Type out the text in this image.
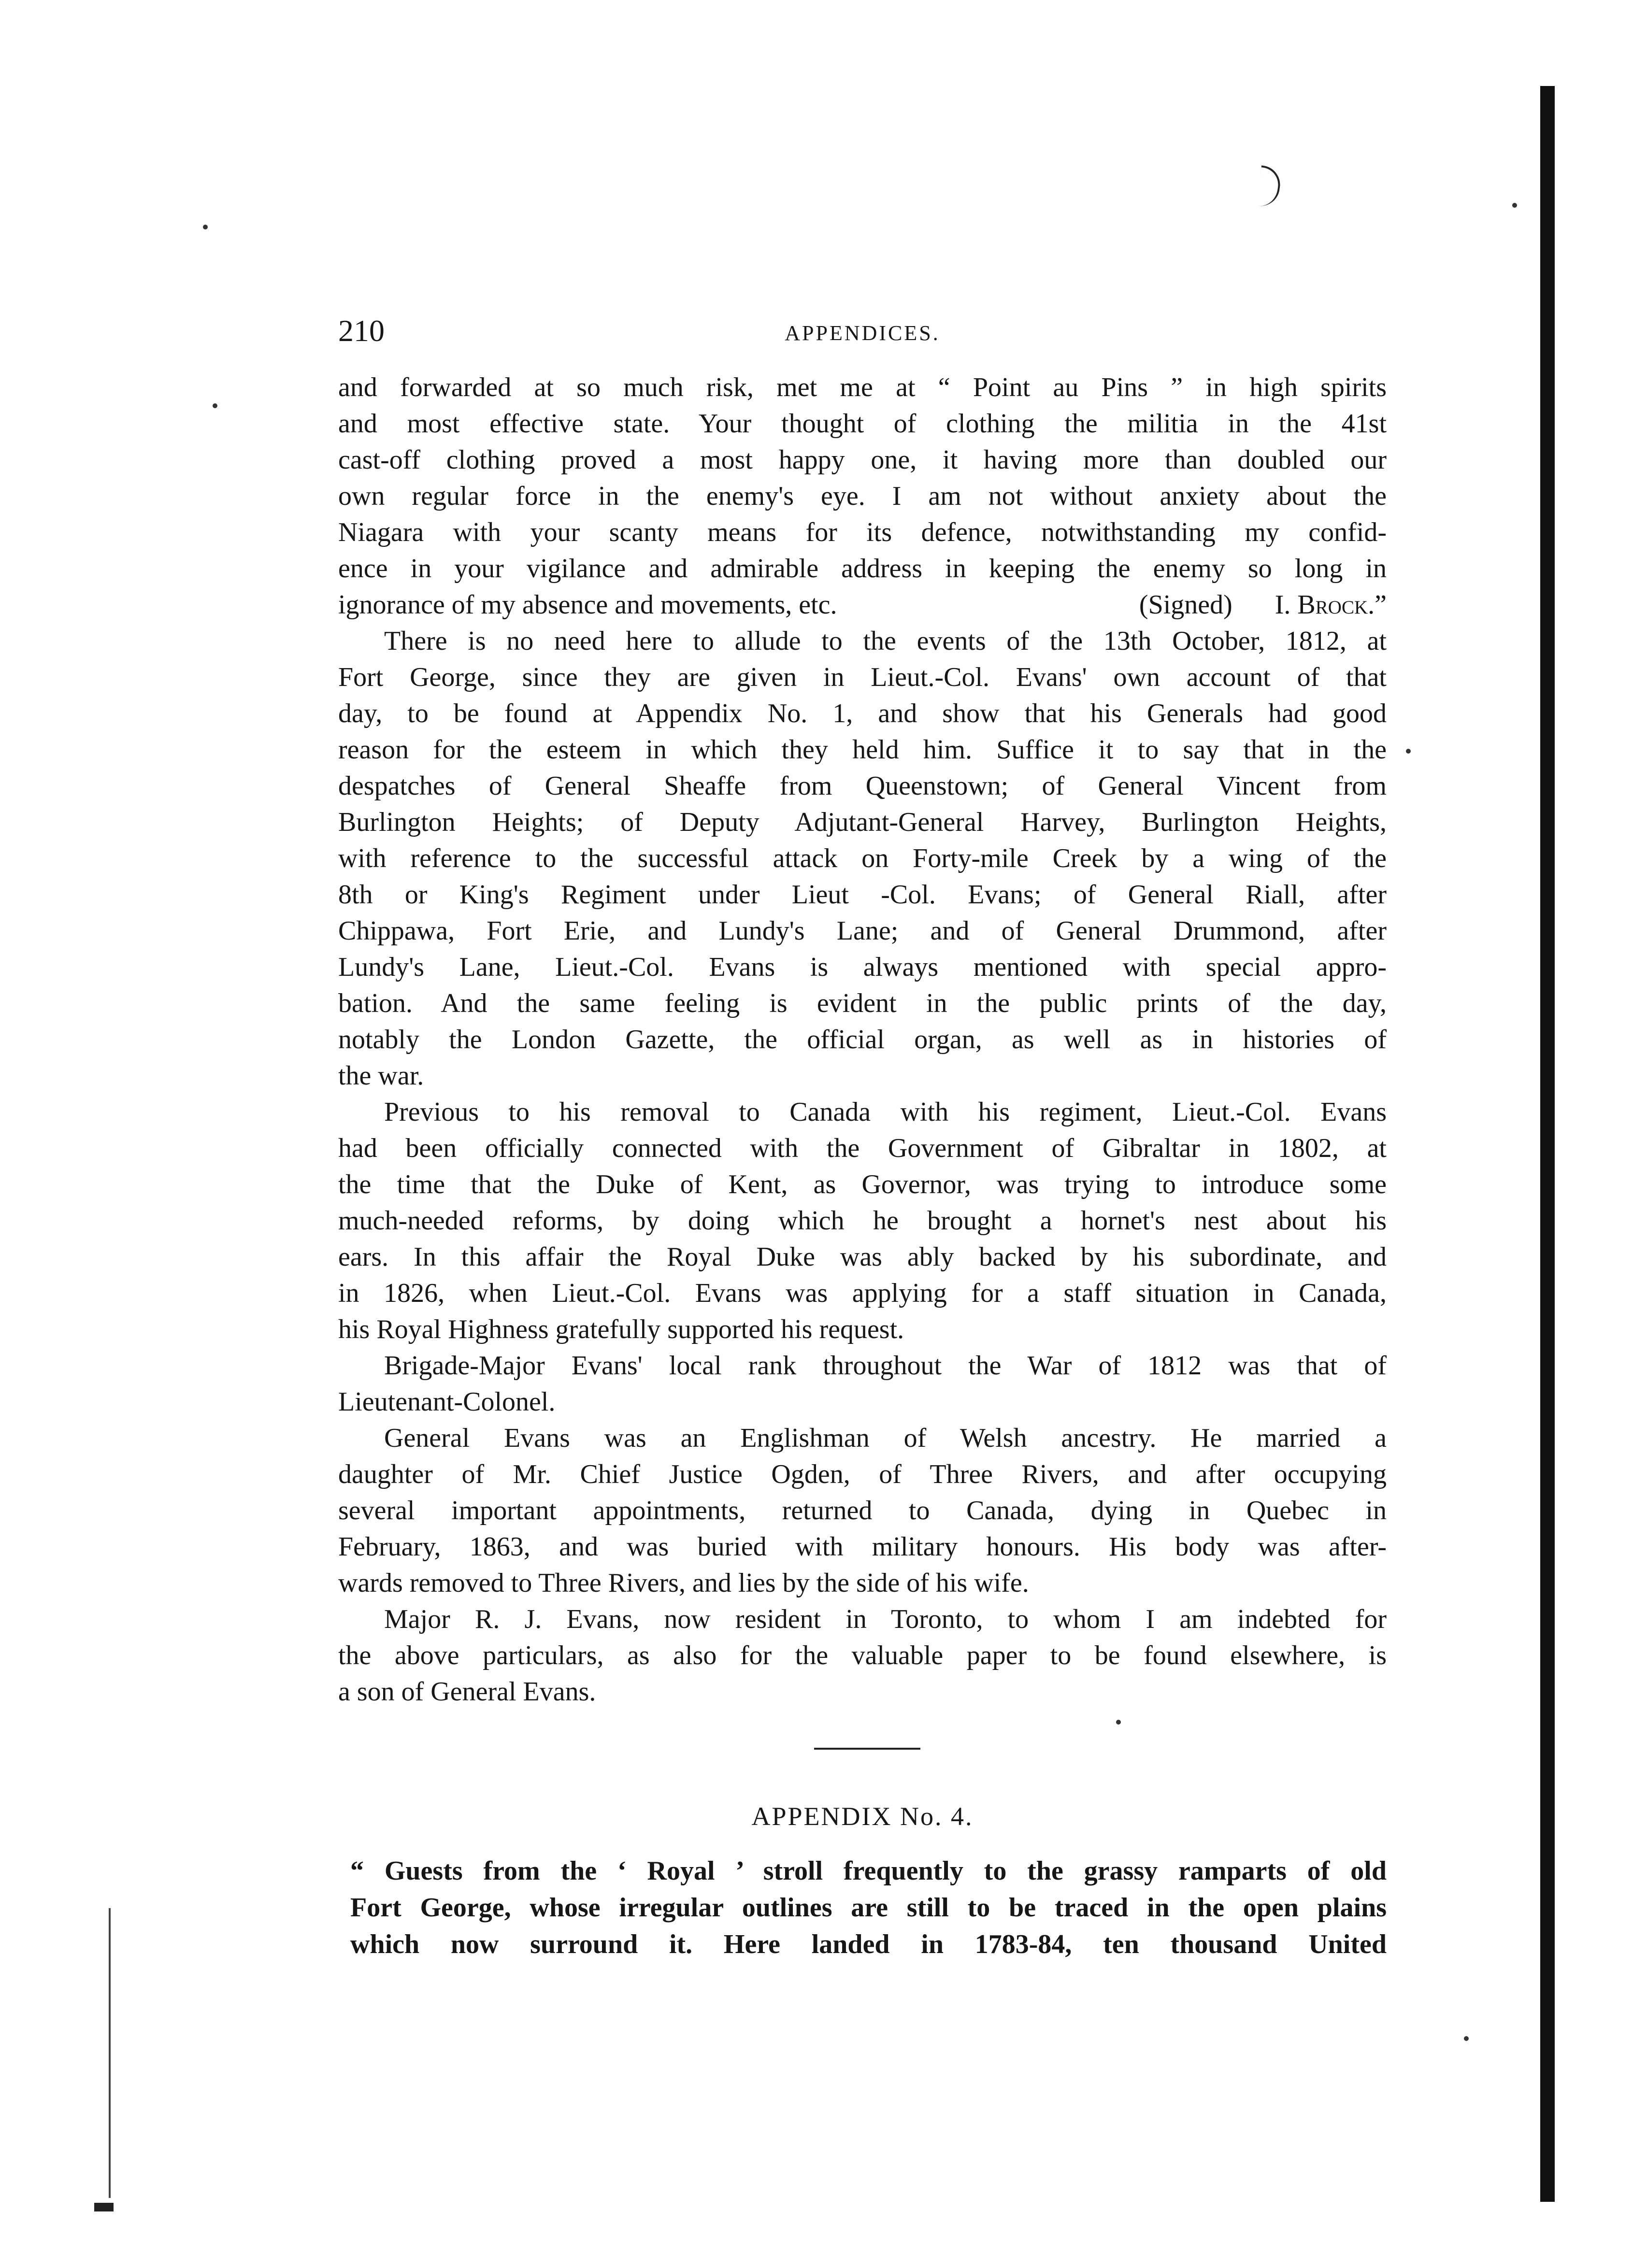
210	APPENDICES.

and forwarded at so much risk, met me at “ Point au Pins ” in high spirits

and most effective state. Your thought of clothing the militia in the 41st

cast-off clothing proved a most happy one, it having more than doubled our

own regular force in the enemy's eye. I am not without anxiety about the

Niagara with your scanty means for its defence, notwithstanding my confid-

ence in your vigilance and admirable address in keeping the enemy so long in

ignorance of my absence and movements, etc.	(Signed) I. Brock.”

There is no need here to allude to the events of the 13th October, 1812, at

Fort George, since they are given in Lieut.-Col. Evans' own account of that

day, to be found at Appendix No. 1, and show that his Generals had good

reason for the esteem in which they held him. Suffice it to say that in the

despatches of General Sheaffe from Queenstown; of General Vincent from

Burlington Heights; of Deputy Adjutant-General Harvey, Burlington Heights,

with reference to the successful attack on Forty-mile Creek by a wing of the

8th or King's Regiment under Lieut -Col. Evans; of General Riall, after

Chippawa, Fort Erie, and Lundy's Lane; and of General Drummond, after

Lundy's Lane, Lieut.-Col. Evans is always mentioned with special appro-

bation. And the same feeling is evident in the public prints of the day,

notably the London Gazette, the official organ, as well as in histories of

the war.

Previous to his removal to Canada with his regiment, Lieut.-Col. Evans

had been officially connected with the Government of Gibraltar in 1802, at

the time that the Duke of Kent, as Governor, was trying to introduce some

much-needed reforms, by doing which he brought a hornet's nest about his

ears. In this affair the Royal Duke was ably backed by his subordinate, and

in 1826, when Lieut.-Col. Evans was applying for a staff situation in Canada,

his Royal Highness gratefully supported his request.

Brigade-Major Evans' local rank throughout the War of 1812 was that of

Lieutenant-Colonel.

General Evans was an Englishman of Welsh ancestry. He married a

daughter of Mr. Chief Justice Ogden, of Three Rivers, and after occupying

several important appointments, returned to Canada, dying in Quebec in

February, 1863, and was buried with military honours. His body was after-

wards removed to Three Rivers, and lies by the side of his wife.

Major R. J. Evans, now resident in Toronto, to whom I am indebted for

the above particulars, as also for the valuable paper to be found elsewhere, is

a son of General Evans.

APPENDIX No. 4.

“ Guests from the ‘ Royal ’ stroll frequently to the grassy ramparts of old

Fort George, whose irregular outlines are still to be traced in the open plains

which now surround it. Here landed in 1783-84, ten thousand United
